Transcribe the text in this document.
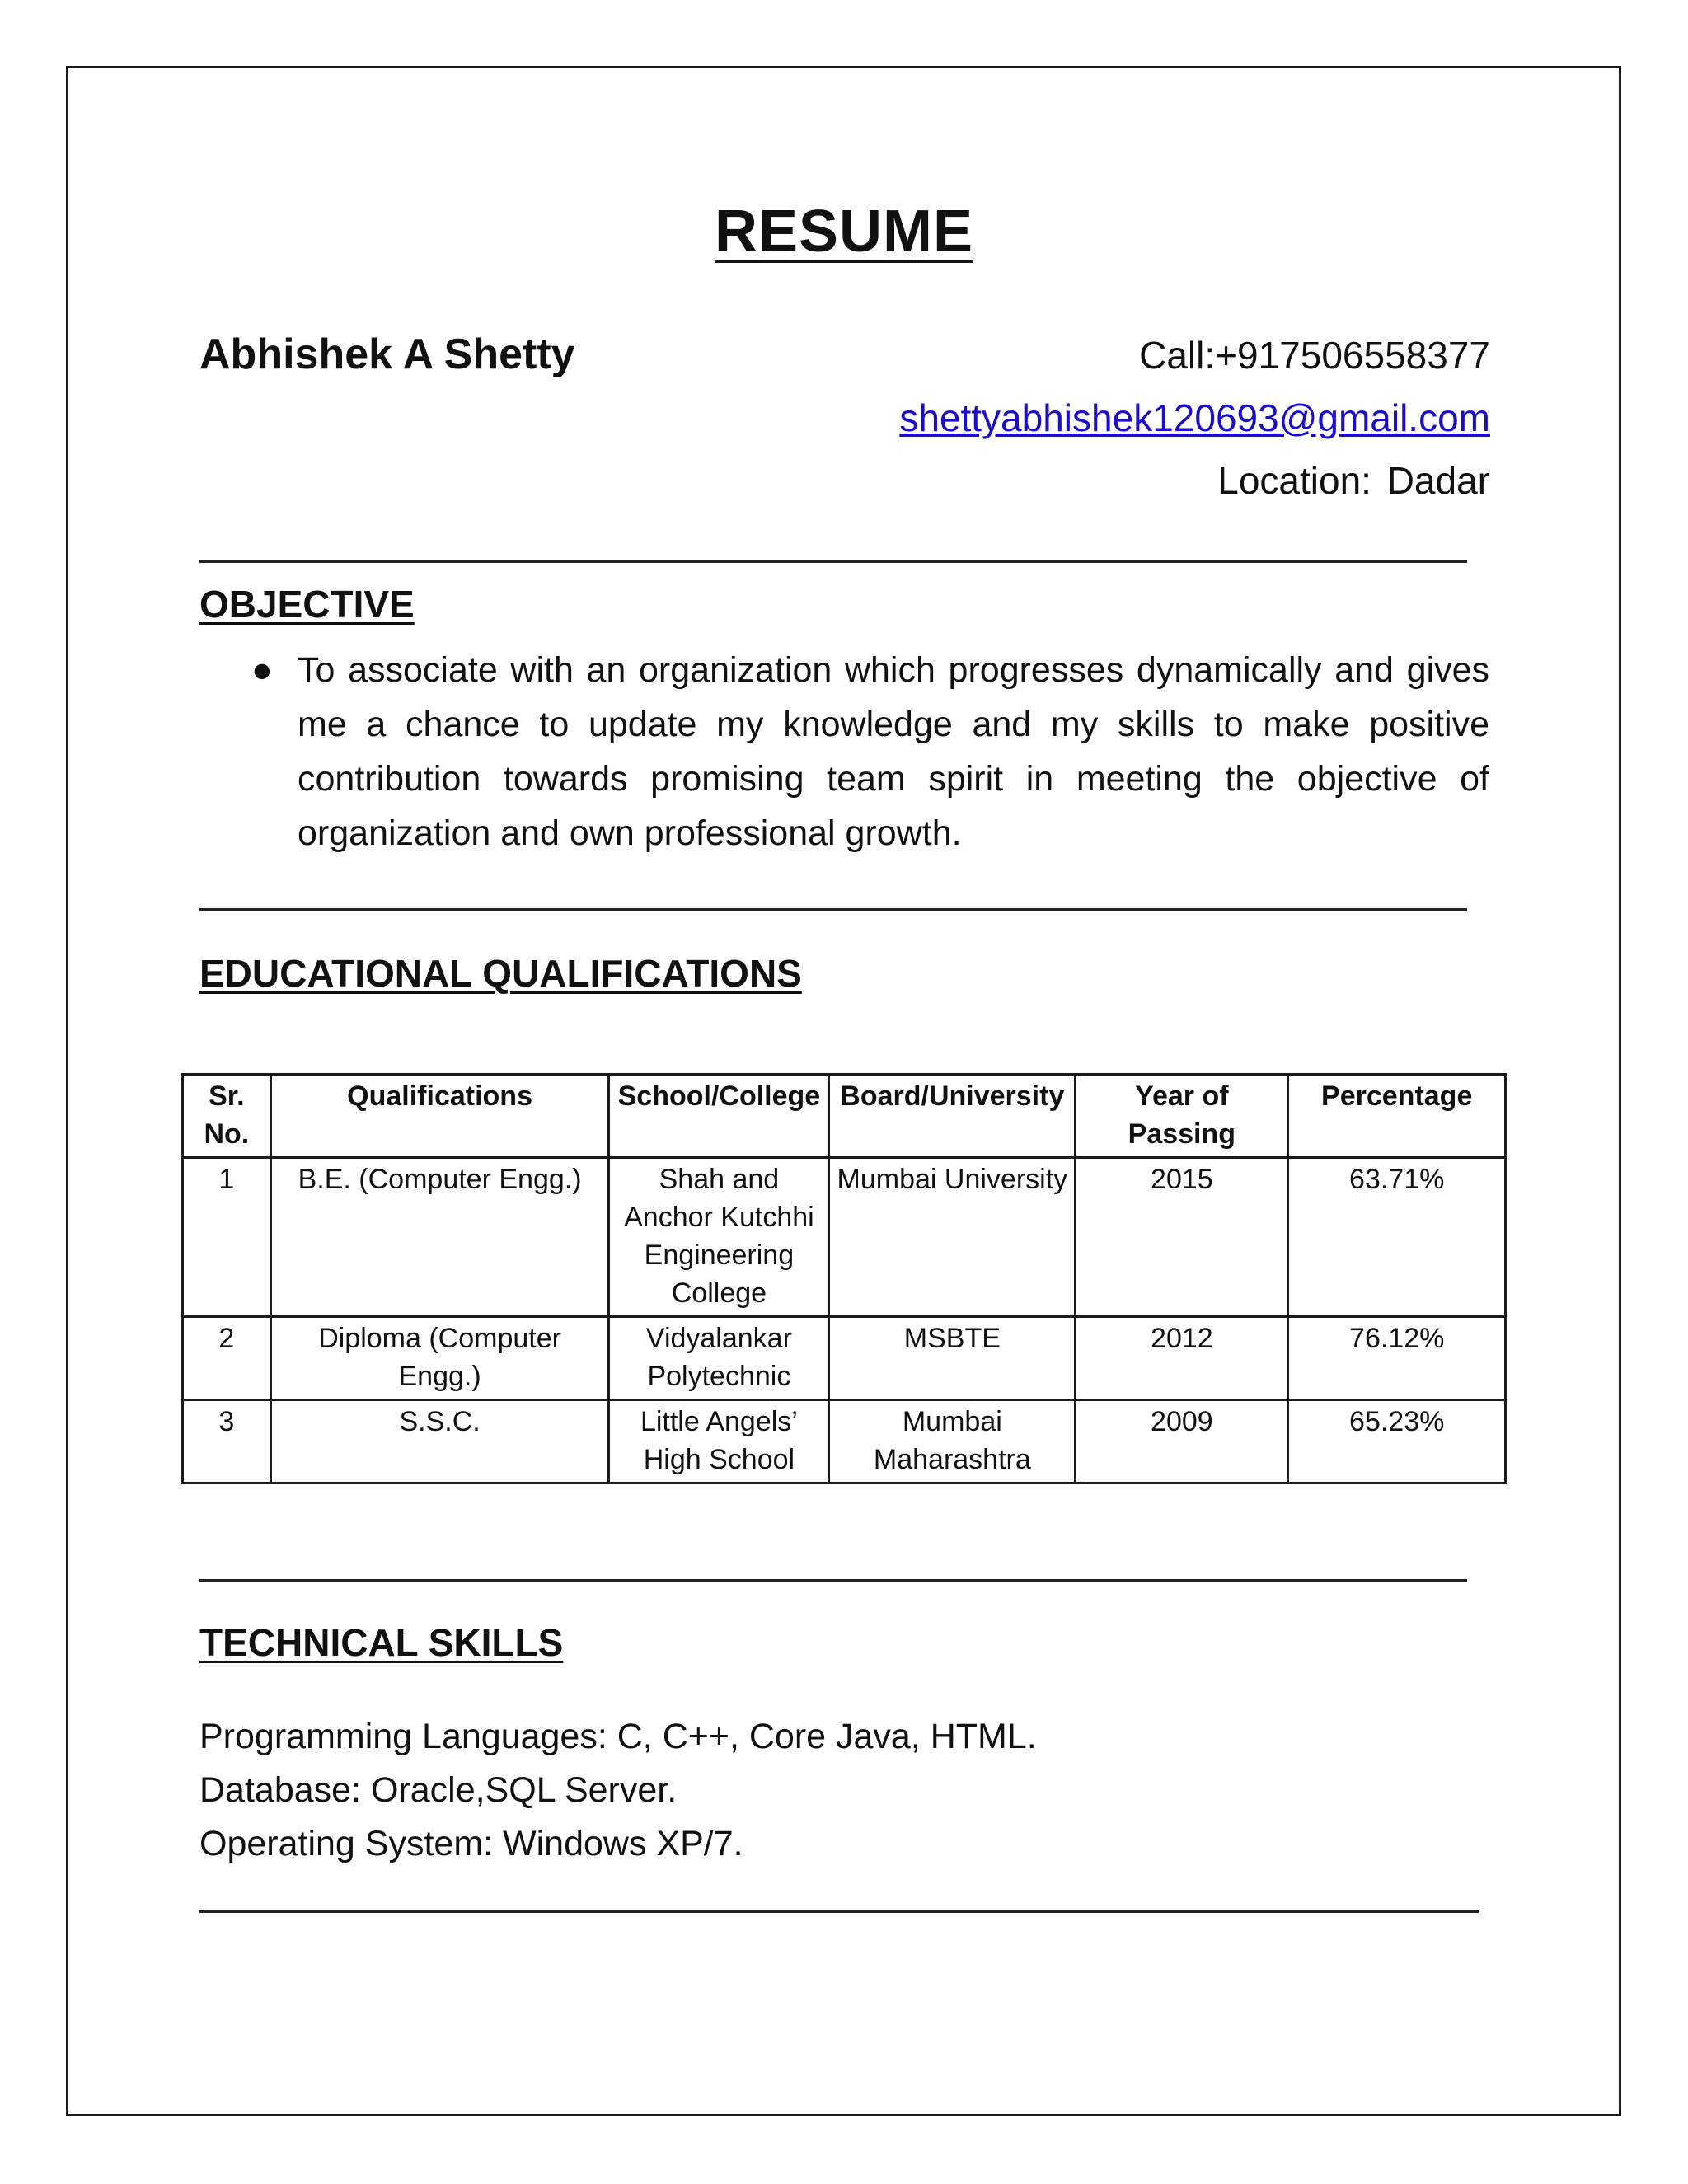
RESUME
Abhishek A Shetty	Call:+917506558377
shettyabhishek120693@gmail.com
Location: Dadar
OBJECTIVE
● To associate with an organization which progresses dynamically and gives me a chance to update my knowledge and my skills to make positive contribution towards promising team spirit in meeting the objective of organization and own professional growth.
EDUCATIONAL QUALIFICATIONS
Sr. No.	Qualifications	School/College	Board/University	Year of Passing	Percentage
1	B.E. (Computer Engg.)	Shah and Anchor Kutchhi Engineering College	Mumbai University	2015	63.71%
2	Diploma (Computer Engg.)	Vidyalankar Polytechnic	MSBTE	2012	76.12%
3	S.S.C.	Little Angels’ High School	Mumbai Maharashtra	2009	65.23%
TECHNICAL SKILLS
Programming Languages: C, C++, Core Java, HTML.
Database: Oracle,SQL Server.
Operating System: Windows XP/7.
